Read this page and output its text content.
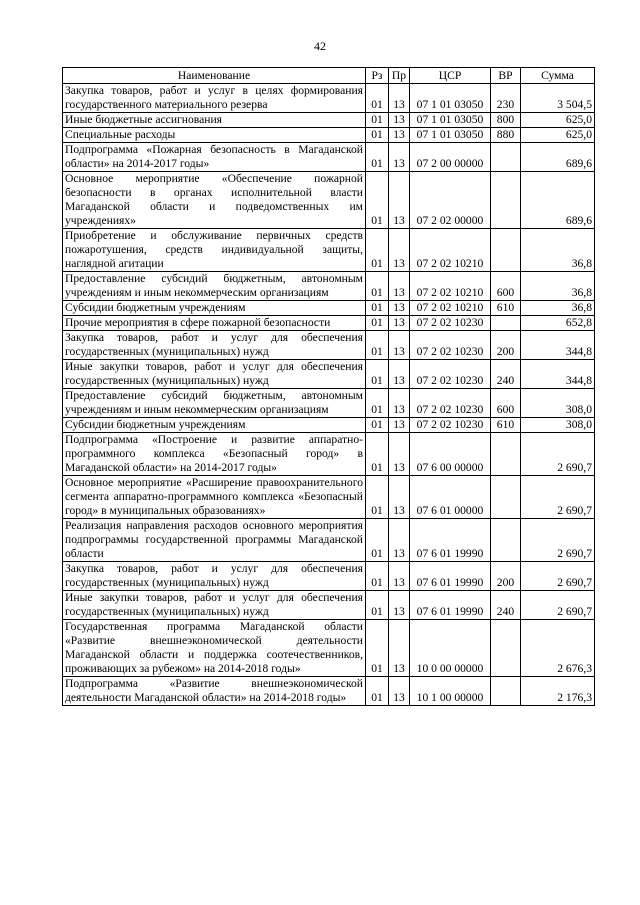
42
Наименование	Рз	Пр	ЦСР	ВР	Сумма
Закупка товаров, работ и услуг в целях формирования государственного материального резерва	01	13	07 1 01 03050	230	3 504,5
Иные бюджетные ассигнования	01	13	07 1 01 03050	800	625,0
Специальные расходы	01	13	07 1 01 03050	880	625,0
Подпрограмма «Пожарная безопасность в Магаданской области» на 2014-2017 годы»	01	13	07 2 00 00000		689,6
Основное мероприятие «Обеспечение пожарной безопасности в органах исполнительной власти Магаданской области и подведомственных им учреждениях»	01	13	07 2 02 00000		689,6
Приобретение и обслуживание первичных средств пожаротушения, средств индивидуальной защиты, наглядной агитации	01	13	07 2 02 10210		36,8
Предоставление субсидий бюджетным, автономным учреждениям и иным некоммерческим организациям	01	13	07 2 02 10210	600	36,8
Субсидии бюджетным учреждениям	01	13	07 2 02 10210	610	36,8
Прочие мероприятия в сфере пожарной безопасности	01	13	07 2 02 10230		652,8
Закупка товаров, работ и услуг для обеспечения государственных (муниципальных) нужд	01	13	07 2 02 10230	200	344,8
Иные закупки товаров, работ и услуг для обеспечения государственных (муниципальных) нужд	01	13	07 2 02 10230	240	344,8
Предоставление субсидий бюджетным, автономным учреждениям и иным некоммерческим организациям	01	13	07 2 02 10230	600	308,0
Субсидии бюджетным учреждениям	01	13	07 2 02 10230	610	308,0
Подпрограмма «Построение и развитие аппаратно-программного комплекса «Безопасный город» в Магаданской области» на 2014-2017 годы»	01	13	07 6 00 00000		2 690,7
Основное мероприятие «Расширение правоохранительного сегмента аппаратно-программного комплекса «Безопасный город» в муниципальных образованиях»	01	13	07 6 01 00000		2 690,7
Реализация направления расходов основного мероприятия подпрограммы государственной программы Магаданской области	01	13	07 6 01 19990		2 690,7
Закупка товаров, работ и услуг для обеспечения государственных (муниципальных) нужд	01	13	07 6 01 19990	200	2 690,7
Иные закупки товаров, работ и услуг для обеспечения государственных (муниципальных) нужд	01	13	07 6 01 19990	240	2 690,7
Государственная программа Магаданской области «Развитие внешнеэкономической деятельности Магаданской области и поддержка соотечественников, проживающих за рубежом» на 2014-2018 годы»	01	13	10 0 00 00000		2 676,3
Подпрограмма «Развитие внешнеэкономической деятельности Магаданской области» на 2014-2018 годы»	01	13	10 1 00 00000		2 176,3
